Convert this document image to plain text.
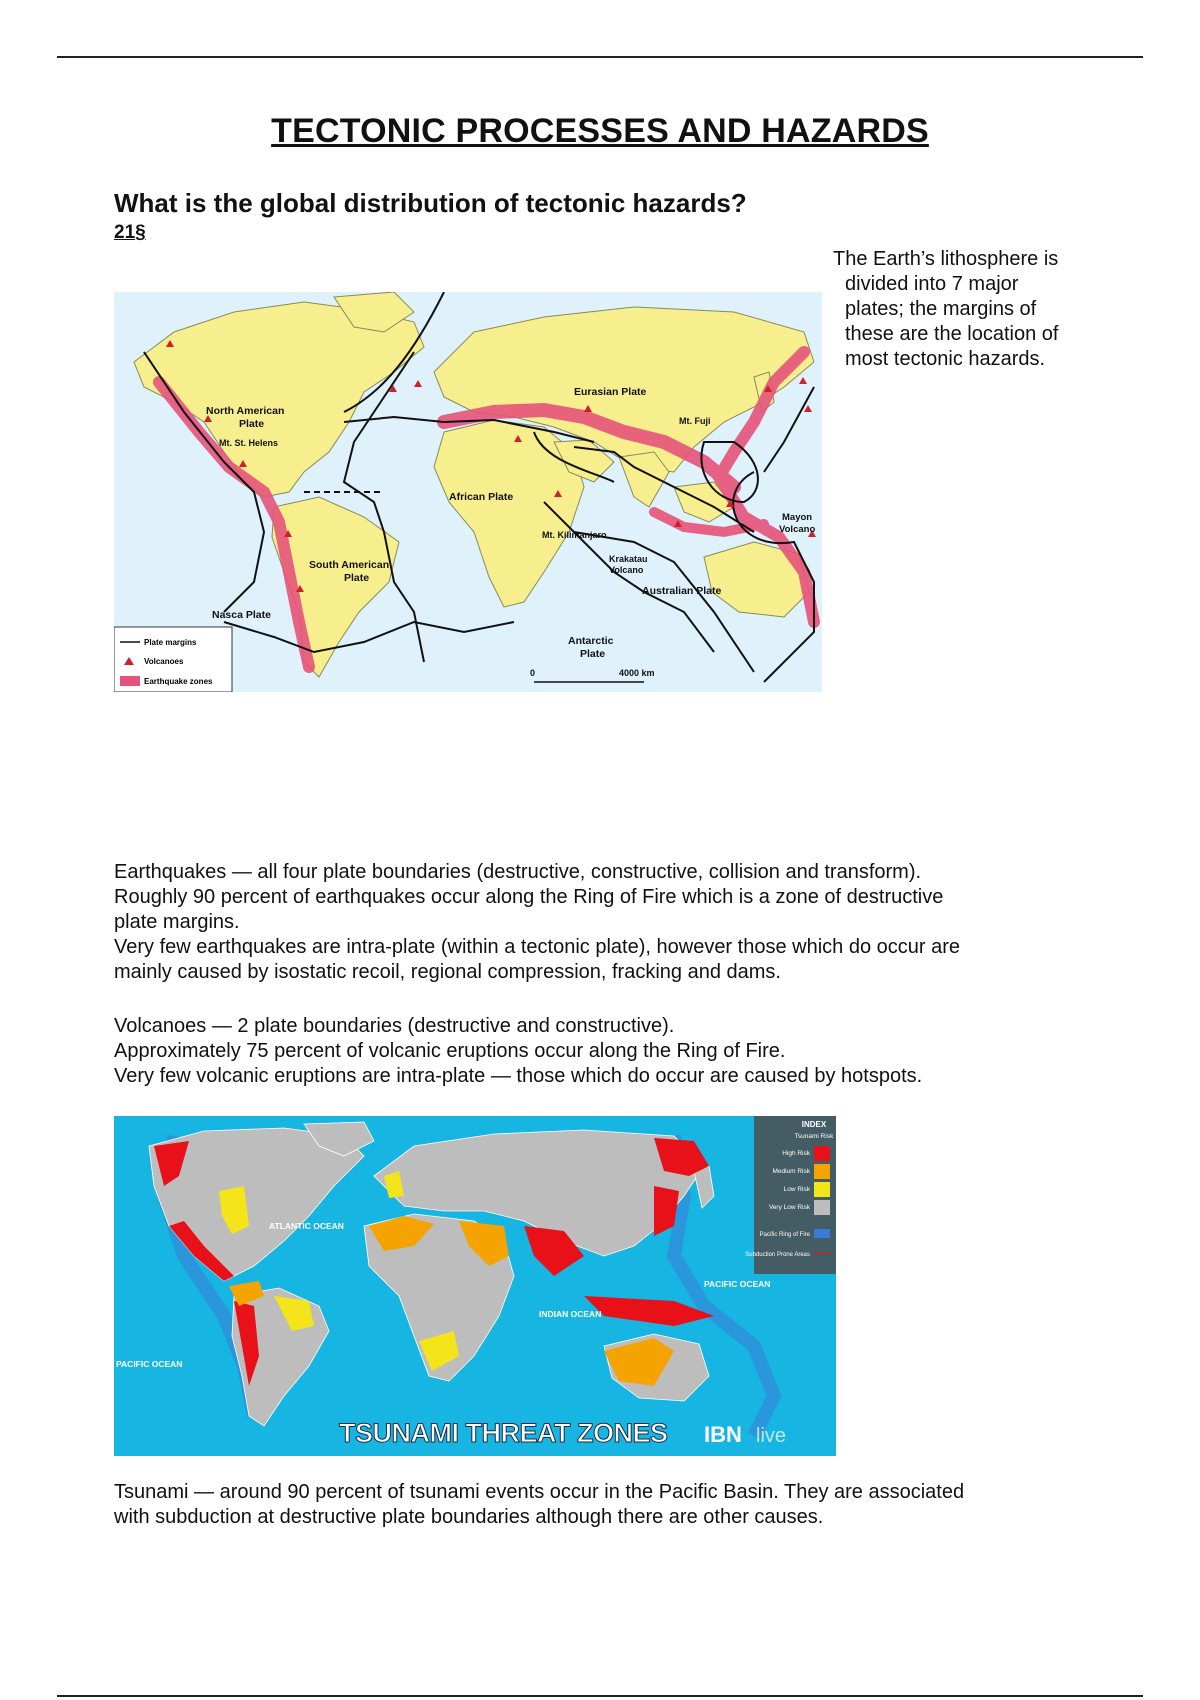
TECTONIC PROCESSES AND HAZARDS
What is the global distribution of tectonic hazards?
21§
The Earth’s lithosphere is
divided into 7 major
plates; the margins of
these are the location of
most tectonic hazards.
North American
Plate
Mt. St. Helens
Eurasian Plate
Mt. Fuji
African Plate
Mt. Kilimanjaro
Mayon
Volcano
South American
Plate
Krakatau
Volcano
Australian Plate
Nasca Plate
Antarctic
Plate
0	4000 km
Plate margins
Volcanoes
Earthquake zones

Earthquakes — all four plate boundaries (destructive, constructive, collision and transform).

Roughly 90 percent of earthquakes occur along the Ring of Fire which is a zone of destructive

plate margins.

Very few earthquakes are intra-plate (within a tectonic plate), however those which do occur are

mainly caused by isostatic recoil, regional compression, fracking and dams.

Volcanoes — 2 plate boundaries (destructive and constructive).

Approximately 75 percent of volcanic eruptions occur along the Ring of Fire.

Very few volcanic eruptions are intra-plate — those which do occur are caused by hotspots.

ATLANTIC OCEAN
INDIAN OCEAN
PACIFIC OCEAN
PACIFIC OCEAN
INDEX
Tsunami Risk
High Risk
Medium Risk
Low Risk
Very Low Risk
Pacific Ring of Fire
Subduction Prone Areas
TSUNAMI THREAT ZONES IBN live

Tsunami — around 90 percent of tsunami events occur in the Pacific Basin. They are associated

with subduction at destructive plate boundaries although there are other causes.
